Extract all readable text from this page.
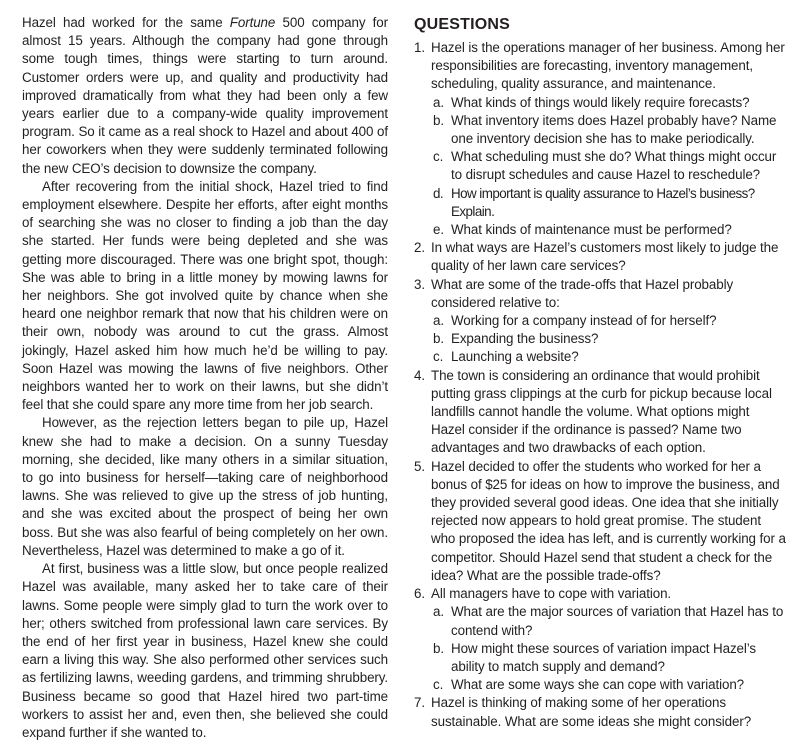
Hazel had worked for the same Fortune 500 company for almost 15 years. Although the company had gone through some tough times, things were starting to turn around. Customer orders were up, and quality and productivity had improved dramatically from what they had been only a few years earlier due to a company-wide quality improvement program. So it came as a real shock to Hazel and about 400 of her coworkers when they were suddenly terminated following the new CEO’s decision to downsize the company.

After recovering from the initial shock, Hazel tried to find employment elsewhere. Despite her efforts, after eight months of searching she was no closer to finding a job than the day she started. Her funds were being depleted and she was getting more discouraged. There was one bright spot, though: She was able to bring in a little money by mowing lawns for her neighbors. She got involved quite by chance when she heard one neighbor remark that now that his children were on their own, nobody was around to cut the grass. Almost jokingly, Hazel asked him how much he’d be willing to pay. Soon Hazel was mowing the lawns of five neighbors. Other neighbors wanted her to work on their lawns, but she didn’t feel that she could spare any more time from her job search.

However, as the rejection letters began to pile up, Hazel knew she had to make a decision. On a sunny Tuesday morning, she decided, like many others in a similar situation, to go into business for herself—taking care of neighborhood lawns. She was relieved to give up the stress of job hunting, and she was excited about the prospect of being her own boss. But she was also fearful of being completely on her own. Nevertheless, Hazel was determined to make a go of it.

At first, business was a little slow, but once people realized Hazel was available, many asked her to take care of their lawns. Some people were simply glad to turn the work over to her; others switched from professional lawn care services. By the end of her first year in business, Hazel knew she could earn a living this way. She also performed other services such as fertilizing lawns, weeding gardens, and trimming shrubbery. Business became so good that Hazel hired two part-time workers to assist her and, even then, she believed she could expand further if she wanted to.

QUESTIONS
1. Hazel is the operations manager of her business. Among her responsibilities are forecasting, inventory management, scheduling, quality assurance, and maintenance.
a. What kinds of things would likely require forecasts?
b. What inventory items does Hazel probably have? Name one inventory decision she has to make periodically.
c. What scheduling must she do? What things might occur to disrupt schedules and cause Hazel to reschedule?
d. How important is quality assurance to Hazel’s business? Explain.
e. What kinds of maintenance must be performed?
2. In what ways are Hazel’s customers most likely to judge the quality of her lawn care services?
3. What are some of the trade-offs that Hazel probably considered relative to:
a. Working for a company instead of for herself?
b. Expanding the business?
c. Launching a website?
4. The town is considering an ordinance that would prohibit putting grass clippings at the curb for pickup because local landfills cannot handle the volume. What options might Hazel consider if the ordinance is passed? Name two advantages and two drawbacks of each option.
5. Hazel decided to offer the students who worked for her a bonus of $25 for ideas on how to improve the business, and they provided several good ideas. One idea that she initially rejected now appears to hold great promise. The student who proposed the idea has left, and is currently working for a competitor. Should Hazel send that student a check for the idea? What are the possible trade-offs?
6. All managers have to cope with variation.
a. What are the major sources of variation that Hazel has to contend with?
b. How might these sources of variation impact Hazel’s ability to match supply and demand?
c. What are some ways she can cope with variation?
7. Hazel is thinking of making some of her operations sustainable. What are some ideas she might consider?
